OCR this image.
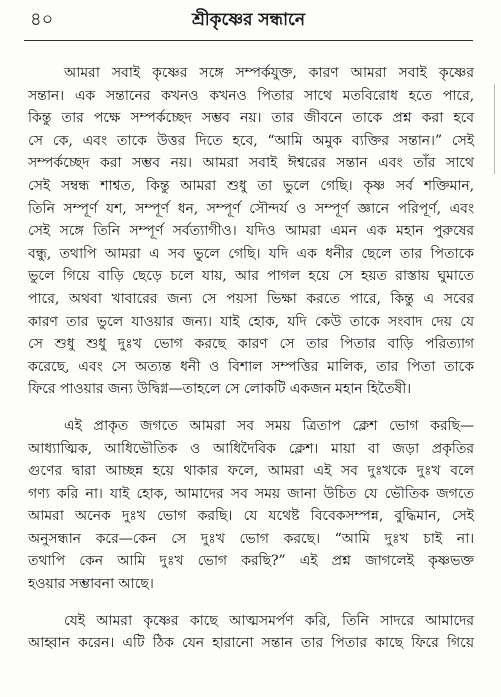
৪০	শ্রীকৃষ্ণের সন্ধানে
আমরা সবাই কৃষ্ণের সঙ্গে সম্পর্কযুক্ত, কারণ আমরা সবাই কৃষ্ণের
সন্তান। এক সন্তানের কখনও কখনও পিতার সাথে মতবিরোধ হতে পারে,
কিন্তু তার পক্ষে সম্পর্কচ্ছেদ সম্ভব নয়। তার জীবনে তাকে প্রশ্ন করা হবে
সে কে, এবং তাকে উত্তর দিতে হবে, “আমি অমুক ব্যক্তির সন্তান।” সেই
সম্পর্কচ্ছেদ করা সম্ভব নয়। আমরা সবাই ঈশ্বরের সন্তান এবং তাঁর সাথে
সেই সম্বন্ধ শাশ্বত, কিন্তু আমরা শুধু তা ভুলে গেছি। কৃষ্ণ সর্ব শক্তিমান,
তিনি সম্পূর্ণ যশ, সম্পূর্ণ ধন, সম্পূর্ণ সৌন্দর্য ও সম্পূর্ণ জ্ঞানে পরিপূর্ণ, এবং
সেই সঙ্গে তিনি সম্পূর্ণ সর্বত্যাগীও। যদিও আমরা এমন এক মহান পুরুষের
বন্ধু, তথাপি আমরা এ সব ভুলে গেছি। যদি এক ধনীর ছেলে তার পিতাকে
ভুলে গিয়ে বাড়ি ছেড়ে চলে যায়, আর পাগল হয়ে সে হয়ত রাস্তায় ঘুমাতে
পারে, অথবা খাবারের জন্য সে পয়সা ভিক্ষা করতে পারে, কিন্তু এ সবের
কারণ তার ভুলে যাওয়ার জন্য। যাই হোক, যদি কেউ তাকে সংবাদ দেয় যে
সে শুধু শুধু দুঃখ ভোগ করছে কারণ সে তার পিতার বাড়ি পরিত্যাগ
করেছে, এবং সে অত্যন্ত ধনী ও বিশাল সম্পত্তির মালিক, তার পিতা তাকে
ফিরে পাওয়ার জন্য উদ্বিগ্ন—তাহলে সে লোকটি একজন মহান হিতৈষী।
এই প্রাকৃত জগতে আমরা সব সময় ত্রিতাপ ক্লেশ ভোগ করছি—
আধ্যাত্মিক, আধিভৌতিক ও আধিদৈবিক ক্লেশ। মায়া বা জড়া প্রকৃতির
গুণের দ্বারা আচ্ছন্ন হয়ে থাকার ফলে, আমরা এই সব দুঃখকে দুঃখ বলে
গণ্য করি না। যাই হোক, আমাদের সব সময় জানা উচিত যে ভৌতিক জগতে
আমরা অনেক দুঃখ ভোগ করছি। যে যথেষ্ট বিবেকসম্পন্ন, বুদ্ধিমান, সেই
অনুসন্ধান করে—কেন সে দুঃখ ভোগ করছে। “আমি দুঃখ চাই না।
তথাপি কেন আমি দুঃখ ভোগ করছি?” এই প্রশ্ন জাগলেই কৃষ্ণভক্ত
হওয়ার সম্ভাবনা আছে।
যেই আমরা কৃষ্ণের কাছে আত্মসমর্পণ করি, তিনি সাদরে আমাদের
আহ্বান করেন। এটি ঠিক যেন হারানো সন্তান তার পিতার কাছে ফিরে গিয়ে
